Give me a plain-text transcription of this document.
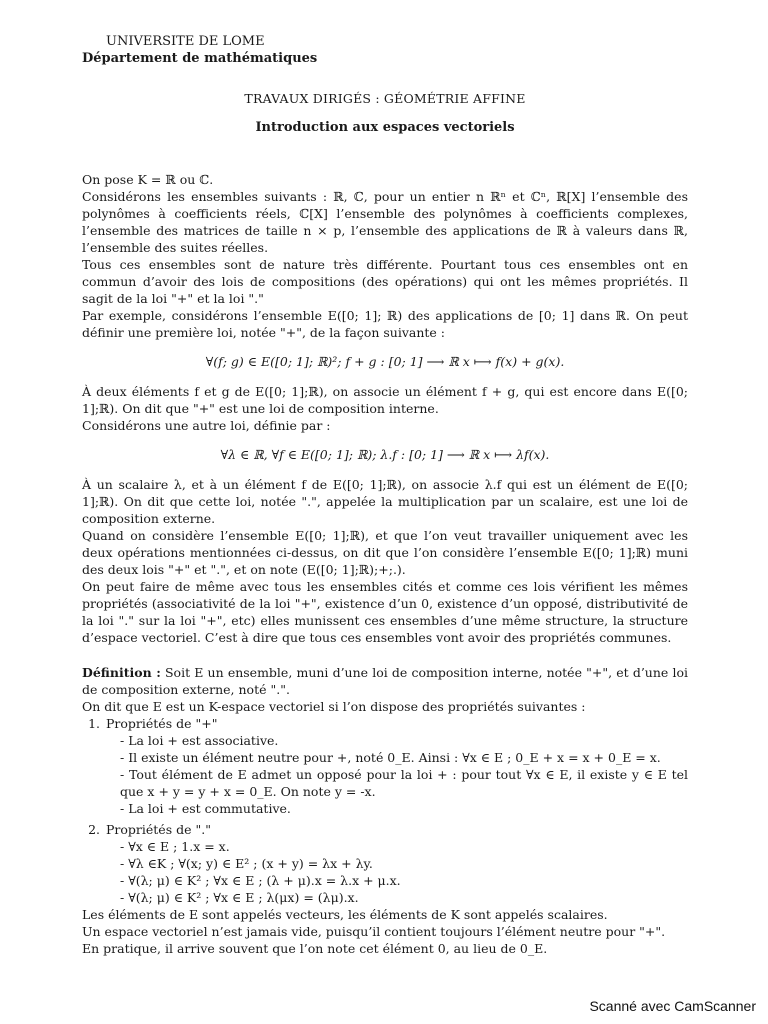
UNIVERSITE DE LOME
Département de mathématiques
TRAVAUX DIRIGÉS : GÉOMÉTRIE AFFINE
Introduction aux espaces vectoriels

On pose K = ℝ ou ℂ.

Considérons les ensembles suivants : ℝ, ℂ, pour un entier n ℝⁿ et ℂⁿ, ℝ[X] l’ensemble des polynômes à coefficients réels, ℂ[X] l’ensemble des polynômes à coefficients complexes, l’ensemble des matrices de taille n × p, l’ensemble des applications de ℝ à valeurs dans ℝ, l’ensemble des suites réelles.

Tous ces ensembles sont de nature très différente. Pourtant tous ces ensembles ont en commun d’avoir des lois de compositions (des opérations) qui ont les mêmes propriétés. Il sagit de la loi "+" et la loi "."

Par exemple, considérons l’ensemble E([0; 1]; ℝ) des applications de [0; 1] dans ℝ. On peut définir une première loi, notée "+", de la façon suivante :

∀(f; g) ∈ E([0; 1]; ℝ)²; f + g : [0; 1] ⟶ ℝ x ⟼ f(x) + g(x).

À deux éléments f et g de E([0; 1];ℝ), on associe un élément f + g, qui est encore dans E([0; 1];ℝ). On dit que "+" est une loi de composition interne.

Considérons une autre loi, définie par :

∀λ ∈ ℝ, ∀f ∈ E([0; 1]; ℝ); λ.f : [0; 1] ⟶ ℝ x ⟼ λf(x).

À un scalaire λ, et à un élément f de E([0; 1];ℝ), on associe λ.f qui est un élément de E([0; 1];ℝ). On dit que cette loi, notée ".", appelée la multiplication par un scalaire, est une loi de composition externe.

Quand on considère l’ensemble E([0; 1];ℝ), et que l’on veut travailler uniquement avec les deux opérations mentionnées ci-dessus, on dit que l’on considère l’ensemble E([0; 1];ℝ) muni des deux lois "+" et ".", et on note (E([0; 1];ℝ);+;.).

On peut faire de même avec tous les ensembles cités et comme ces lois vérifient les mêmes propriétés (associativité de la loi "+", existence d’un 0, existence d’un opposé, distributivité de la loi "." sur la loi "+", etc) elles munissent ces ensembles d’une même structure, la structure d’espace vectoriel. C’est à dire que tous ces ensembles vont avoir des propriétés communes.

Définition : Soit E un ensemble, muni d’une loi de composition interne, notée "+", et d’une loi de composition externe, noté ".".

On dit que E est un K-espace vectoriel si l’on dispose des propriétés suivantes :

1. Propriétés de "+"
- La loi + est associative.
- Il existe un élément neutre pour +, noté 0_E. Ainsi : ∀x ∈ E ; 0_E + x = x + 0_E = x.
- Tout élément de E admet un opposé pour la loi + : pour tout ∀x ∈ E, il existe y ∈ E tel que x + y = y + x = 0_E. On note y = -x.
- La loi + est commutative.
2. Propriétés de "."
- ∀x ∈ E ; 1.x = x.
- ∀λ ∈K ; ∀(x; y) ∈ E² ; (x + y) = λx + λy.
- ∀(λ; μ) ∈ K² ; ∀x ∈ E ; (λ + μ).x = λ.x + μ.x.
- ∀(λ; μ) ∈ K² ; ∀x ∈ E ; λ(μx) = (λμ).x.

Les éléments de E sont appelés vecteurs, les éléments de K sont appelés scalaires.

Un espace vectoriel n’est jamais vide, puisqu’il contient toujours l’élément neutre pour "+".

En pratique, il arrive souvent que l’on note cet élément 0, au lieu de 0_E.

Scanné avec CamScanner
